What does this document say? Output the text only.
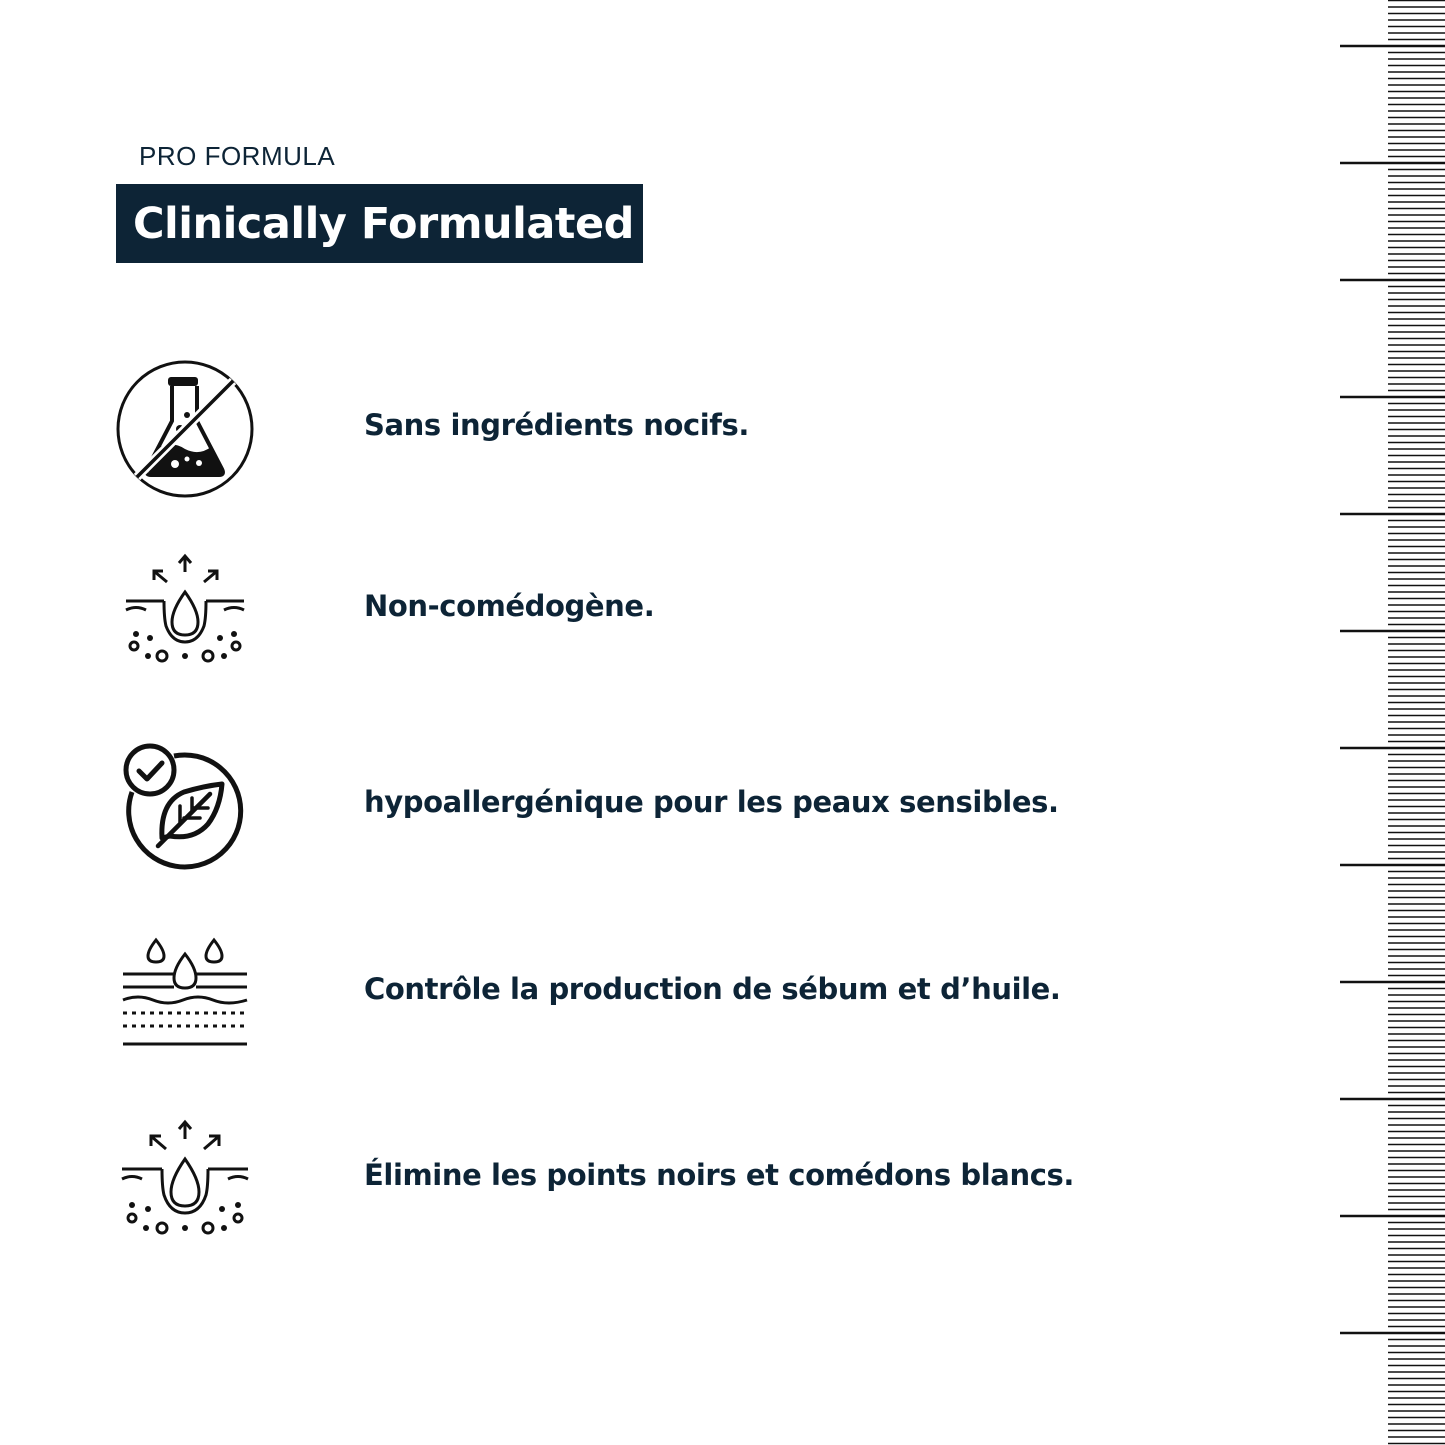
PRO FORMULA
Clinically Formulated
Sans ingrédients nocifs.
Non-comédogène.
hypoallergénique pour les peaux sensibles.
Contrôle la production de sébum et d’huile.
Élimine les points noirs et comédons blancs.
